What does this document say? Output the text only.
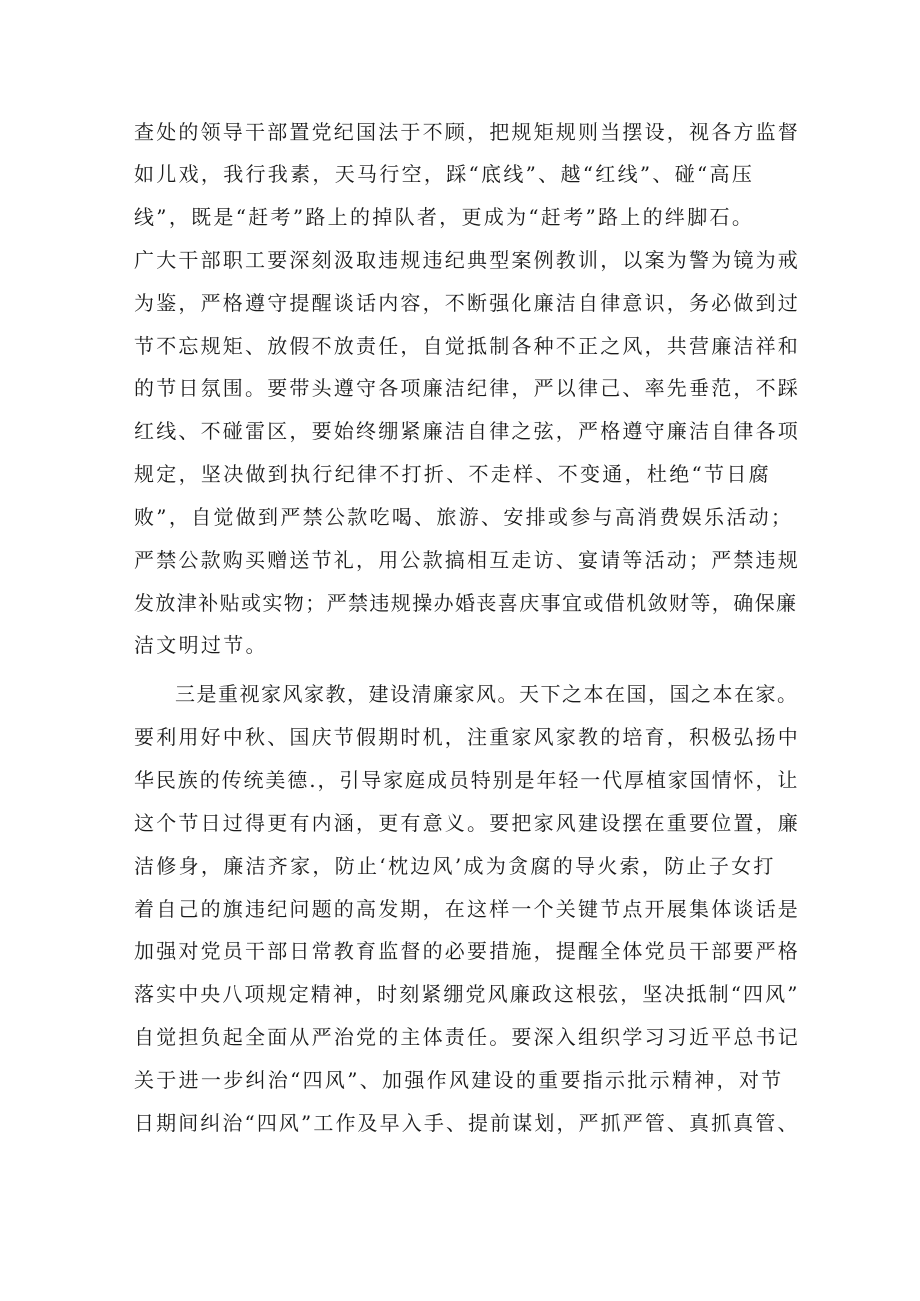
查处的领导干部置党纪国法于不顾，把规矩规则当摆设，视各方监督
如儿戏，我行我素，天马行空，踩“底线”、越“红线”、碰“高压
线”，既是“赶考”路上的掉队者，更成为“赶考”路上的绊脚石。
广大干部职工要深刻汲取违规违纪典型案例教训，以案为警为镜为戒
为鉴，严格遵守提醒谈话内容，不断强化廉洁自律意识，务必做到过
节不忘规矩、放假不放责任，自觉抵制各种不正之风，共营廉洁祥和
的节日氛围。要带头遵守各项廉洁纪律，严以律己、率先垂范，不踩
红线、不碰雷区，要始终绷紧廉洁自律之弦，严格遵守廉洁自律各项
规定，坚决做到执行纪律不打折、不走样、不变通，杜绝“节日腐
败”，自觉做到严禁公款吃喝、旅游、安排或参与高消费娱乐活动；
严禁公款购买赠送节礼，用公款搞相互走访、宴请等活动；严禁违规
发放津补贴或实物；严禁违规操办婚丧喜庆事宜或借机敛财等，确保廉
洁文明过节。
三是重视家风家教，建设清廉家风。天下之本在国，国之本在家。
要利用好中秋、国庆节假期时机，注重家风家教的培育，积极弘扬中
华民族的传统美德.，引导家庭成员特别是年轻一代厚植家国情怀，让
这个节日过得更有内涵，更有意义。要把家风建设摆在重要位置，廉
洁修身，廉洁齐家，防止‘枕边风’成为贪腐的导火索，防止子女打
着自己的旗违纪问题的高发期，在这样一个关键节点开展集体谈话是
加强对党员干部日常教育监督的必要措施，提醒全体党员干部要严格
落实中央八项规定精神，时刻紧绷党风廉政这根弦，坚决抵制“四风”
自觉担负起全面从严治党的主体责任。要深入组织学习习近平总书记
关于进一步纠治“四风”、加强作风建设的重要指示批示精神，对节
日期间纠治“四风”工作及早入手、提前谋划，严抓严管、真抓真管、
